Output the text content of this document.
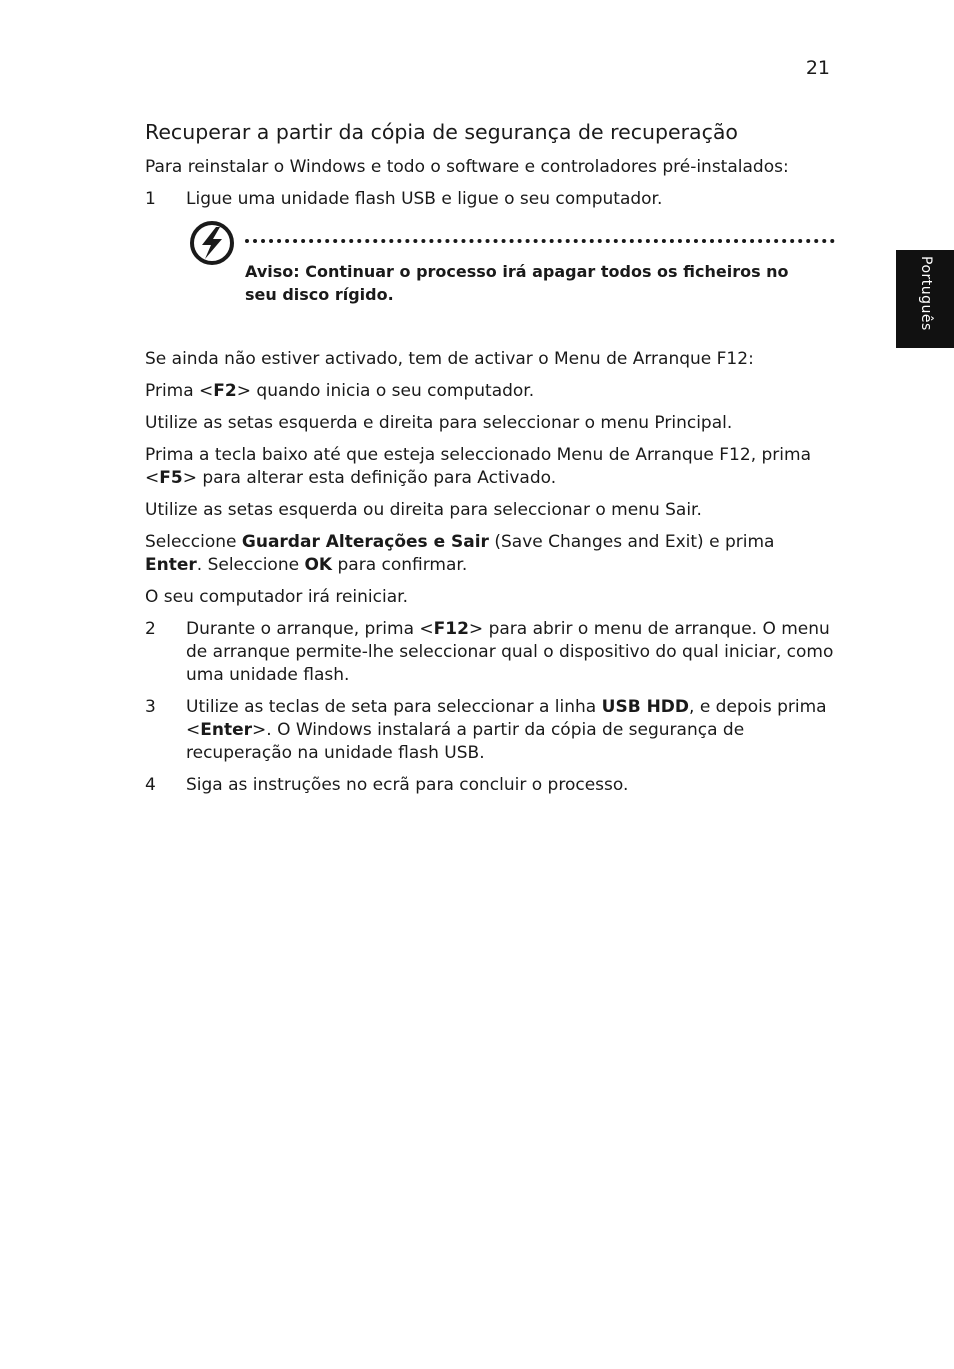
21
Português
Recuperar a partir da cópia de segurança de recuperação

Para reinstalar o Windows e todo o software e controladores pré-instalados:

1 Ligue uma unidade flash USB e ligue o seu computador.
Aviso: Continuar o processo irá apagar todos os ficheiros no seu disco rígido.

Se ainda não estiver activado, tem de activar o Menu de Arranque F12:

Prima <F2> quando inicia o seu computador.

Utilize as setas esquerda e direita para seleccionar o menu Principal.

Prima a tecla baixo até que esteja seleccionado Menu de Arranque F12, prima <F5> para alterar esta definição para Activado.

Utilize as setas esquerda ou direita para seleccionar o menu Sair.

Seleccione Guardar Alterações e Sair (Save Changes and Exit) e prima Enter. Seleccione OK para confirmar.

O seu computador irá reiniciar.

2 Durante o arranque, prima <F12> para abrir o menu de arranque. O menu de arranque permite-lhe seleccionar qual o dispositivo do qual iniciar, como uma unidade flash.
3 Utilize as teclas de seta para seleccionar a linha USB HDD, e depois prima <Enter>. O Windows instalará a partir da cópia de segurança de recuperação na unidade flash USB.
4 Siga as instruções no ecrã para concluir o processo.
